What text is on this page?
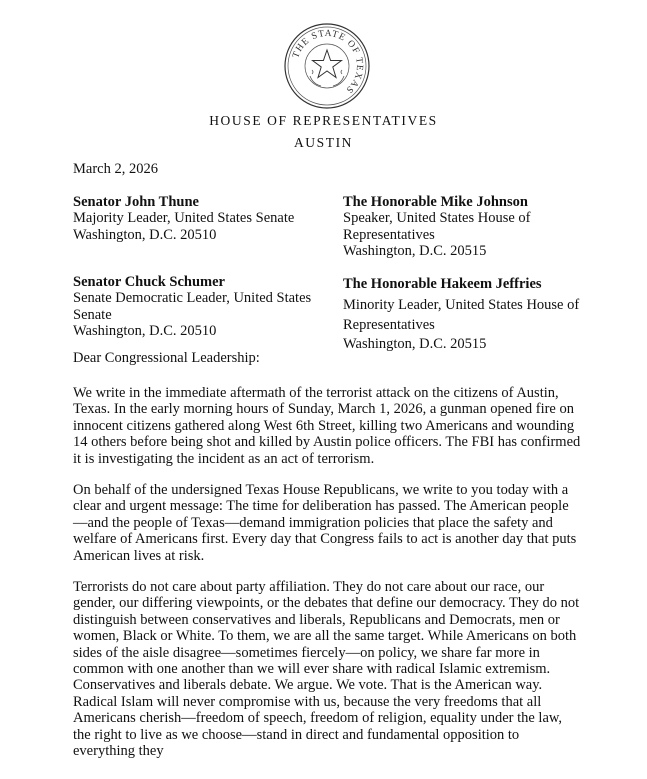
THE STATE OF TEXAS
HOUSE OF REPRESENTATIVES
AUSTIN
March 2, 2026
Senator John Thune
Majority Leader, United States Senate
Washington, D.C. 20510
The Honorable Mike Johnson
Speaker, United States House of
Representatives
Washington, D.C. 20515
Senator Chuck Schumer
Senate Democratic Leader, United States
Senate
Washington, D.C. 20510
The Honorable Hakeem Jeffries
Minority Leader, United States House of
Representatives
Washington, D.C. 20515
Dear Congressional Leadership:

We write in the immediate aftermath of the terrorist attack on the citizens of Austin, Texas. In the early morning hours of Sunday, March 1, 2026, a gunman opened fire on innocent citizens gathered along West 6th Street, killing two Americans and wounding 14 others before being shot and killed by Austin police officers. The FBI has confirmed it is investigating the incident as an act of terrorism.

On behalf of the undersigned Texas House Republicans, we write to you today with a clear and urgent message: The time for deliberation has passed. The American people—and the people of Texas—demand immigration policies that place the safety and welfare of Americans first. Every day that Congress fails to act is another day that puts American lives at risk.

Terrorists do not care about party affiliation. They do not care about our race, our gender, our differing viewpoints, or the debates that define our democracy. They do not distinguish between conservatives and liberals, Republicans and Democrats, men or women, Black or White. To them, we are all the same target. While Americans on both sides of the aisle disagree—sometimes fiercely—on policy, we share far more in common with one another than we will ever share with radical Islamic extremism. Conservatives and liberals debate. We argue. We vote. That is the American way. Radical Islam will never compromise with us, because the very freedoms that all Americans cherish—freedom of speech, freedom of religion, equality under the law, the right to live as we choose—stand in direct and fundamental opposition to everything they
